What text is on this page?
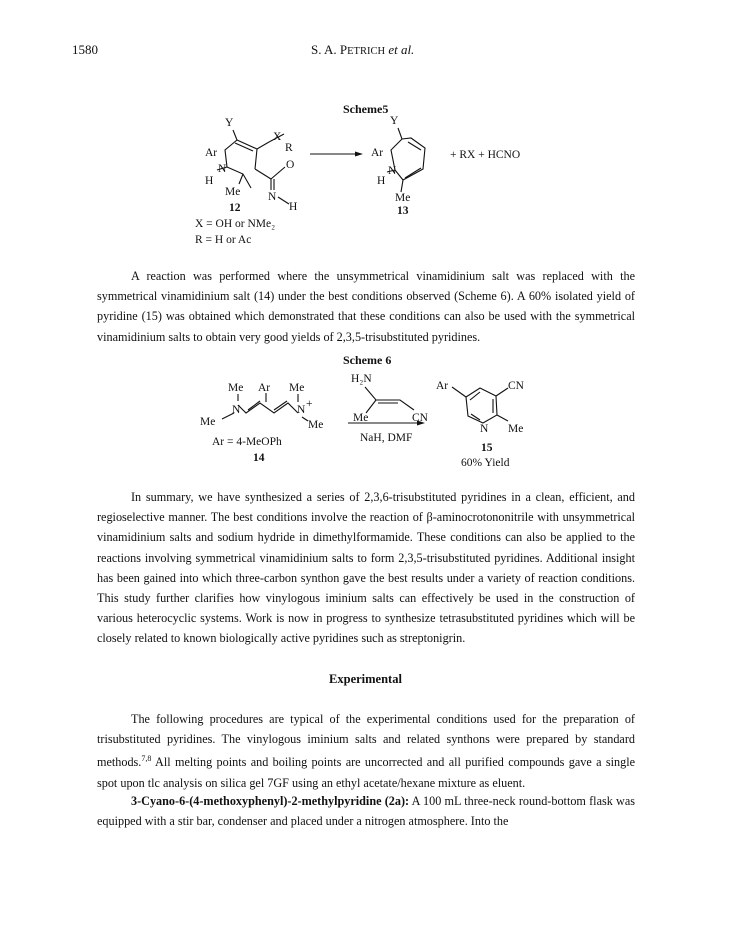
1580	S. A. PETRICH et al.
Scheme5
Y
X
R
Ar
O
N
H
Me N
H
12
Y
Ar
N
H
Me
13
+ RX + HCNO
X = OH or NMe₂
R = H or Ac

A reaction was performed where the unsymmetrical vinamidinium salt was replaced with the symmetrical vinamidinium salt (14) under the best conditions observed (Scheme 6). A 60% isolated yield of pyridine (15) was obtained which demonstrated that these conditions can also be used with the symmetrical vinamidinium salts to obtain very good yields of 2,3,5-trisubstituted pyridines.

Scheme 6
Me Ar Me
N	N +
Me	Me
Ar = 4-MeOPh
14
H₂N
Me	CN
NaH, DMF
Ar	CN
N Me
15
60% Yield

In summary, we have synthesized a series of 2,3,6-trisubstituted pyridines in a clean, efficient, and regioselective manner. The best conditions involve the reaction of β-aminocrotononitrile with unsymmetrical vinamidinium salts and sodium hydride in dimethylformamide. These conditions can also be applied to the reactions involving symmetrical vinamidinium salts to form 2,3,5-trisubstituted pyridines. Additional insight has been gained into which three-carbon synthon gave the best results under a variety of reaction conditions. This study further clarifies how vinylogous iminium salts can effectively be used in the construction of various heterocyclic systems. Work is now in progress to synthesize tetrasubstituted pyridines which will be closely related to known biologically active pyridines such as streptonigrin.

Experimental

The following procedures are typical of the experimental conditions used for the preparation of trisubstituted pyridines. The vinylogous iminium salts and related synthons were prepared by standard methods.$^{7,8}$ All melting points and boiling points are uncorrected and all purified compounds gave a single spot upon tlc analysis on silica gel 7GF using an ethyl acetate/hexane mixture as eluent.

3-Cyano-6-(4-methoxyphenyl)-2-methylpyridine (2a): A 100 mL three-neck round-bottom flask was equipped with a stir bar, condenser and placed under a nitrogen atmosphere. Into the
